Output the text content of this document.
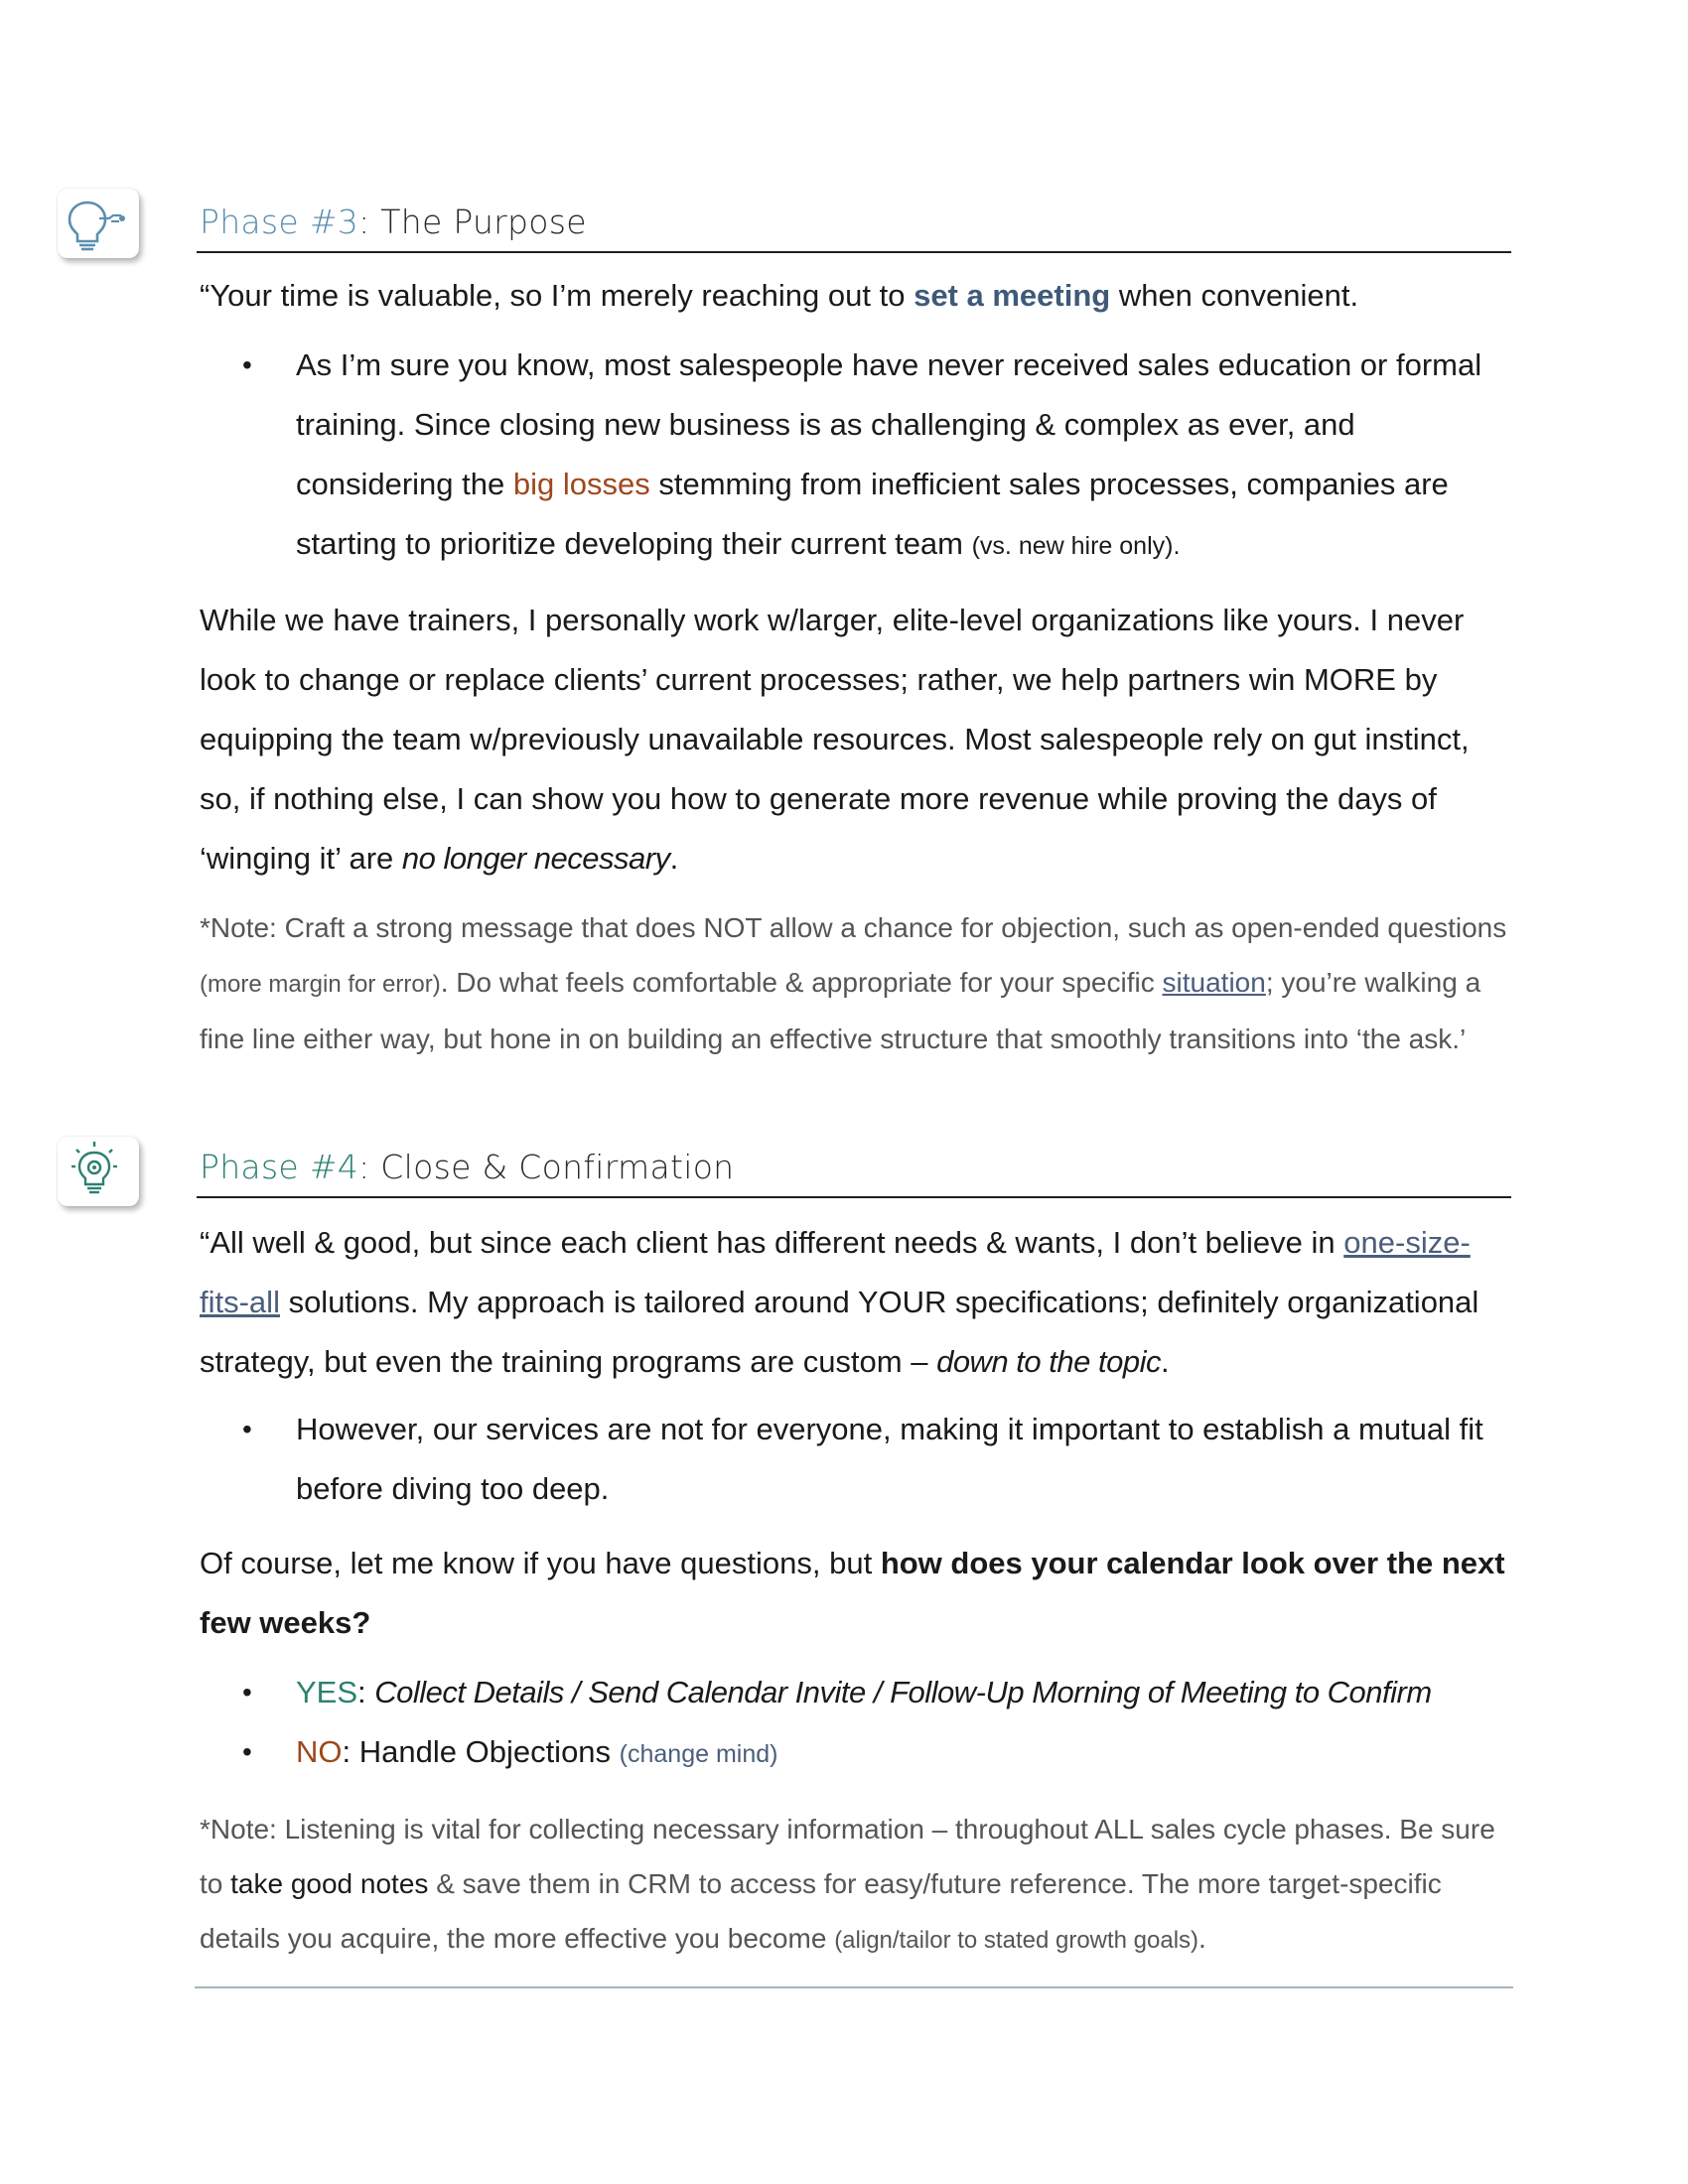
Phase #3: The Purpose

“Your time is valuable, so I’m merely reaching out to set a meeting when convenient.

• As I’m sure you know, most salespeople have never received sales education or formal training. Since closing new business is as challenging & complex as ever, and considering the big losses stemming from inefficient sales processes, companies are starting to prioritize developing their current team (vs. new hire only).

While we have trainers, I personally work w/larger, elite-level organizations like yours. I never look to change or replace clients’ current processes; rather, we help partners win MORE by equipping the team w/previously unavailable resources. Most salespeople rely on gut instinct, so, if nothing else, I can show you how to generate more revenue while proving the days of ‘winging it’ are no longer necessary.

*Note: Craft a strong message that does NOT allow a chance for objection, such as open-ended questions (more margin for error). Do what feels comfortable & appropriate for your specific situation; you’re walking a fine line either way, but hone in on building an effective structure that smoothly transitions into ‘the ask.’

Phase #4: Close & Confirmation

“All well & good, but since each client has different needs & wants, I don’t believe in one-size-fits-all solutions. My approach is tailored around YOUR specifications; definitely organizational strategy, but even the training programs are custom – down to the topic.

• However, our services are not for everyone, making it important to establish a mutual fit before diving too deep.

Of course, let me know if you have questions, but how does your calendar look over the next few weeks?

• YES: Collect Details / Send Calendar Invite / Follow-Up Morning of Meeting to Confirm
• NO: Handle Objections (change mind)

*Note: Listening is vital for collecting necessary information – throughout ALL sales cycle phases. Be sure to take good notes & save them in CRM to access for easy/future reference. The more target-specific details you acquire, the more effective you become (align/tailor to stated growth goals).
